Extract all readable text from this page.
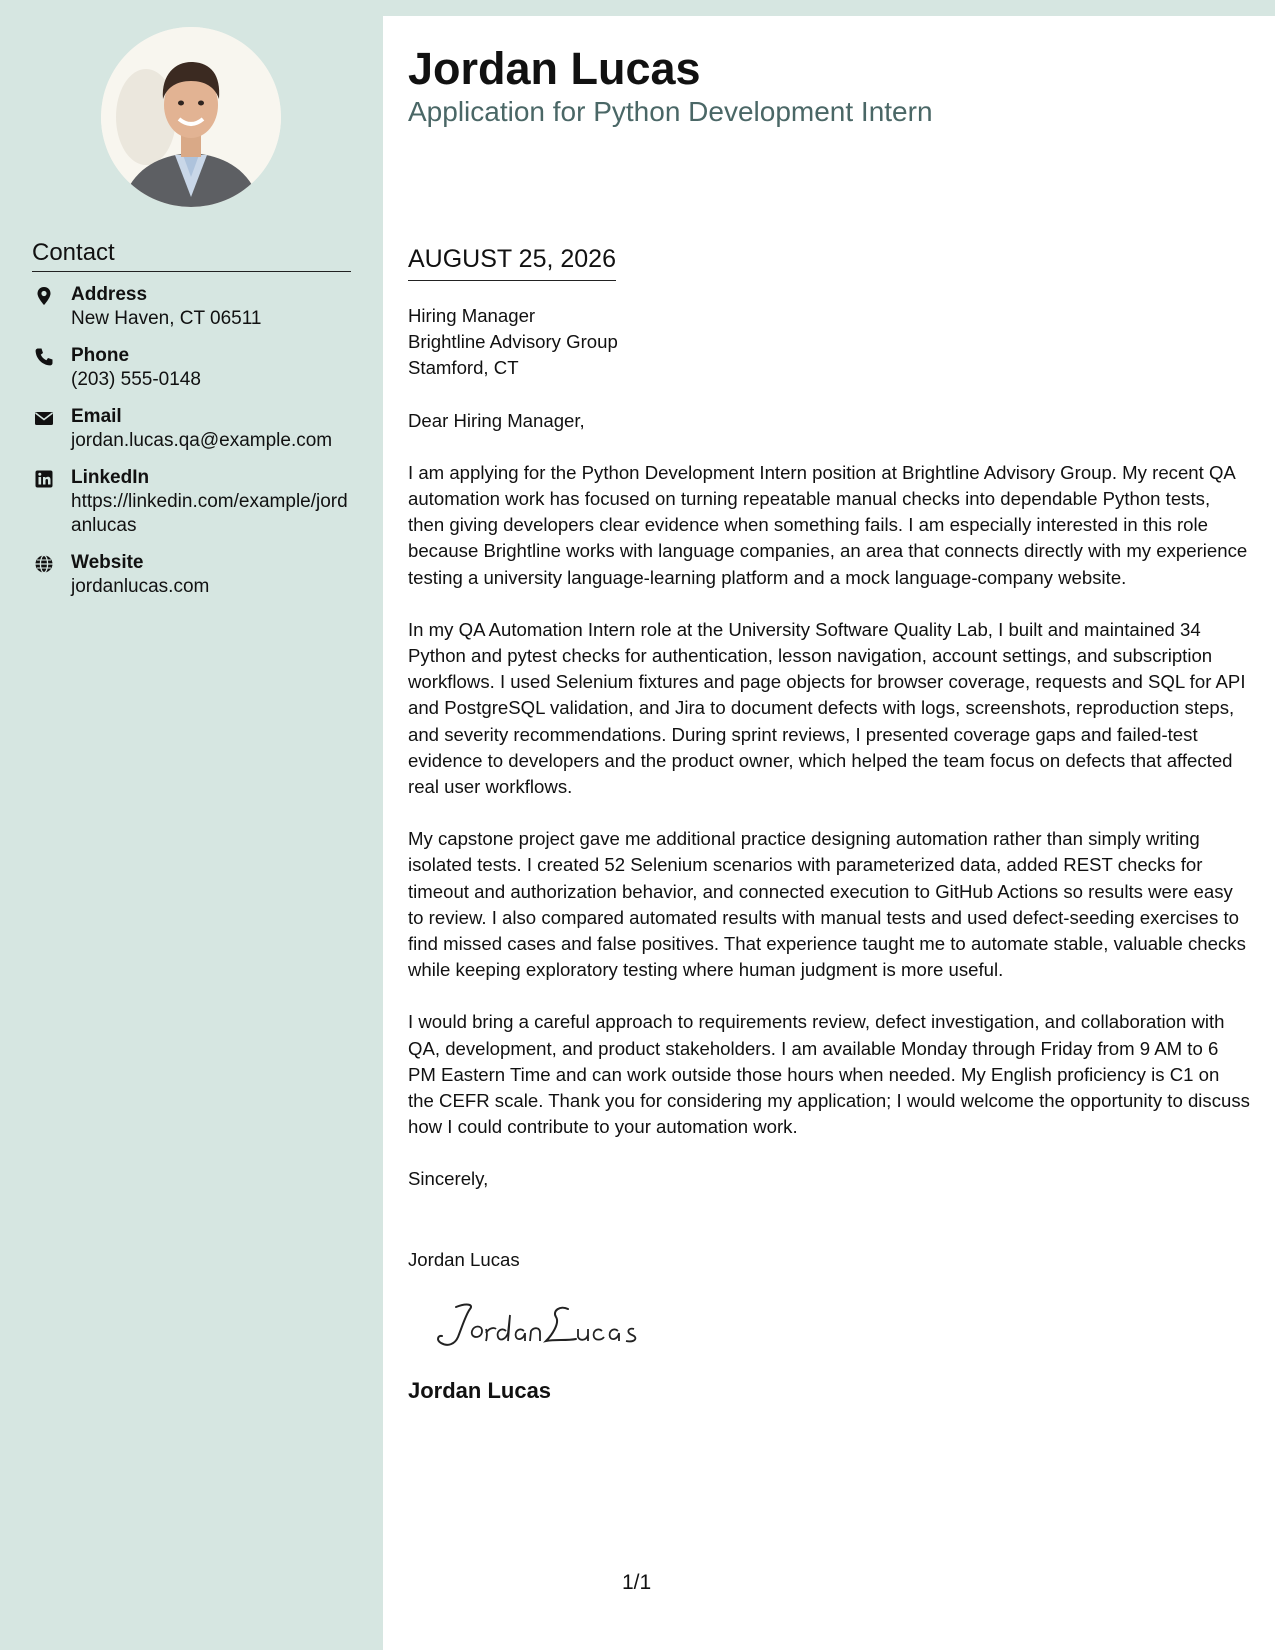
Contact
Address
New Haven, CT 06511
Phone
(203) 555-0148
Email
jordan.lucas.qa@example.com
LinkedIn
https://linkedin.com/example/jordanlucas
Website
jordanlucas.com
Jordan Lucas
Application for Python Development Intern
AUGUST 25, 2026

Hiring Manager
Brightline Advisory Group
Stamford, CT

Dear Hiring Manager,

I am applying for the Python Development Intern position at Brightline Advisory Group. My recent QA automation work has focused on turning repeatable manual checks into dependable Python tests, then giving developers clear evidence when something fails. I am especially interested in this role because Brightline works with language companies, an area that connects directly with my experience testing a university language-learning platform and a mock language-company website.

In my QA Automation Intern role at the University Software Quality Lab, I built and maintained 34 Python and pytest checks for authentication, lesson navigation, account settings, and subscription workflows. I used Selenium fixtures and page objects for browser coverage, requests and SQL for API and PostgreSQL validation, and Jira to document defects with logs, screenshots, reproduction steps, and severity recommendations. During sprint reviews, I presented coverage gaps and failed-test evidence to developers and the product owner, which helped the team focus on defects that affected real user workflows.

My capstone project gave me additional practice designing automation rather than simply writing isolated tests. I created 52 Selenium scenarios with parameterized data, added REST checks for timeout and authorization behavior, and connected execution to GitHub Actions so results were easy to review. I also compared automated results with manual tests and used defect-seeding exercises to find missed cases and false positives. That experience taught me to automate stable, valuable checks while keeping exploratory testing where human judgment is more useful.

I would bring a careful approach to requirements review, defect investigation, and collaboration with QA, development, and product stakeholders. I am available Monday through Friday from 9 AM to 6 PM Eastern Time and can work outside those hours when needed. My English proficiency is C1 on the CEFR scale. Thank you for considering my application; I would welcome the opportunity to discuss how I could contribute to your automation work.

Sincerely,

Jordan Lucas

Jordan Lucas
1/1
